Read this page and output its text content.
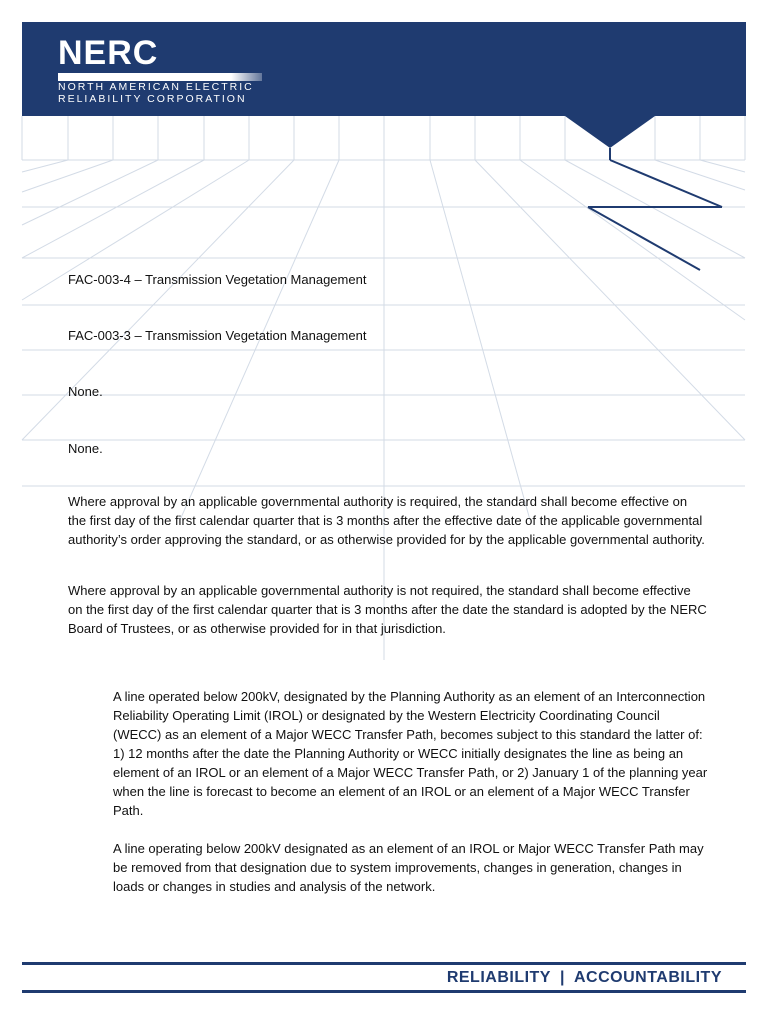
NERC
NORTH AMERICAN ELECTRIC
RELIABILITY CORPORATION

FAC-003-4 – Transmission Vegetation Management

FAC-003-3 – Transmission Vegetation Management

None.

None.

Where approval by an applicable governmental authority is required, the standard shall become effective on the first day of the first calendar quarter that is 3 months after the effective date of the applicable governmental authority’s order approving the standard, or as otherwise provided for by the applicable governmental authority.

Where approval by an applicable governmental authority is not required, the standard shall become effective on the first day of the first calendar quarter that is 3 months after the date the standard is adopted by the NERC Board of Trustees, or as otherwise provided for in that jurisdiction.

A line operated below 200kV, designated by the Planning Authority as an element of an Interconnection Reliability Operating Limit (IROL) or designated by the Western Electricity Coordinating Council (WECC) as an element of a Major WECC Transfer Path, becomes subject to this standard the latter of: 1) 12 months after the date the Planning Authority or WECC initially designates the line as being an element of an IROL or an element of a Major WECC Transfer Path, or 2) January 1 of the planning year when the line is forecast to become an element of an IROL or an element of a Major WECC Transfer Path.

A line operating below 200kV designated as an element of an IROL or Major WECC Transfer Path may be removed from that designation due to system improvements, changes in generation, changes in loads or changes in studies and analysis of the network.

RELIABILITY | ACCOUNTABILITY
